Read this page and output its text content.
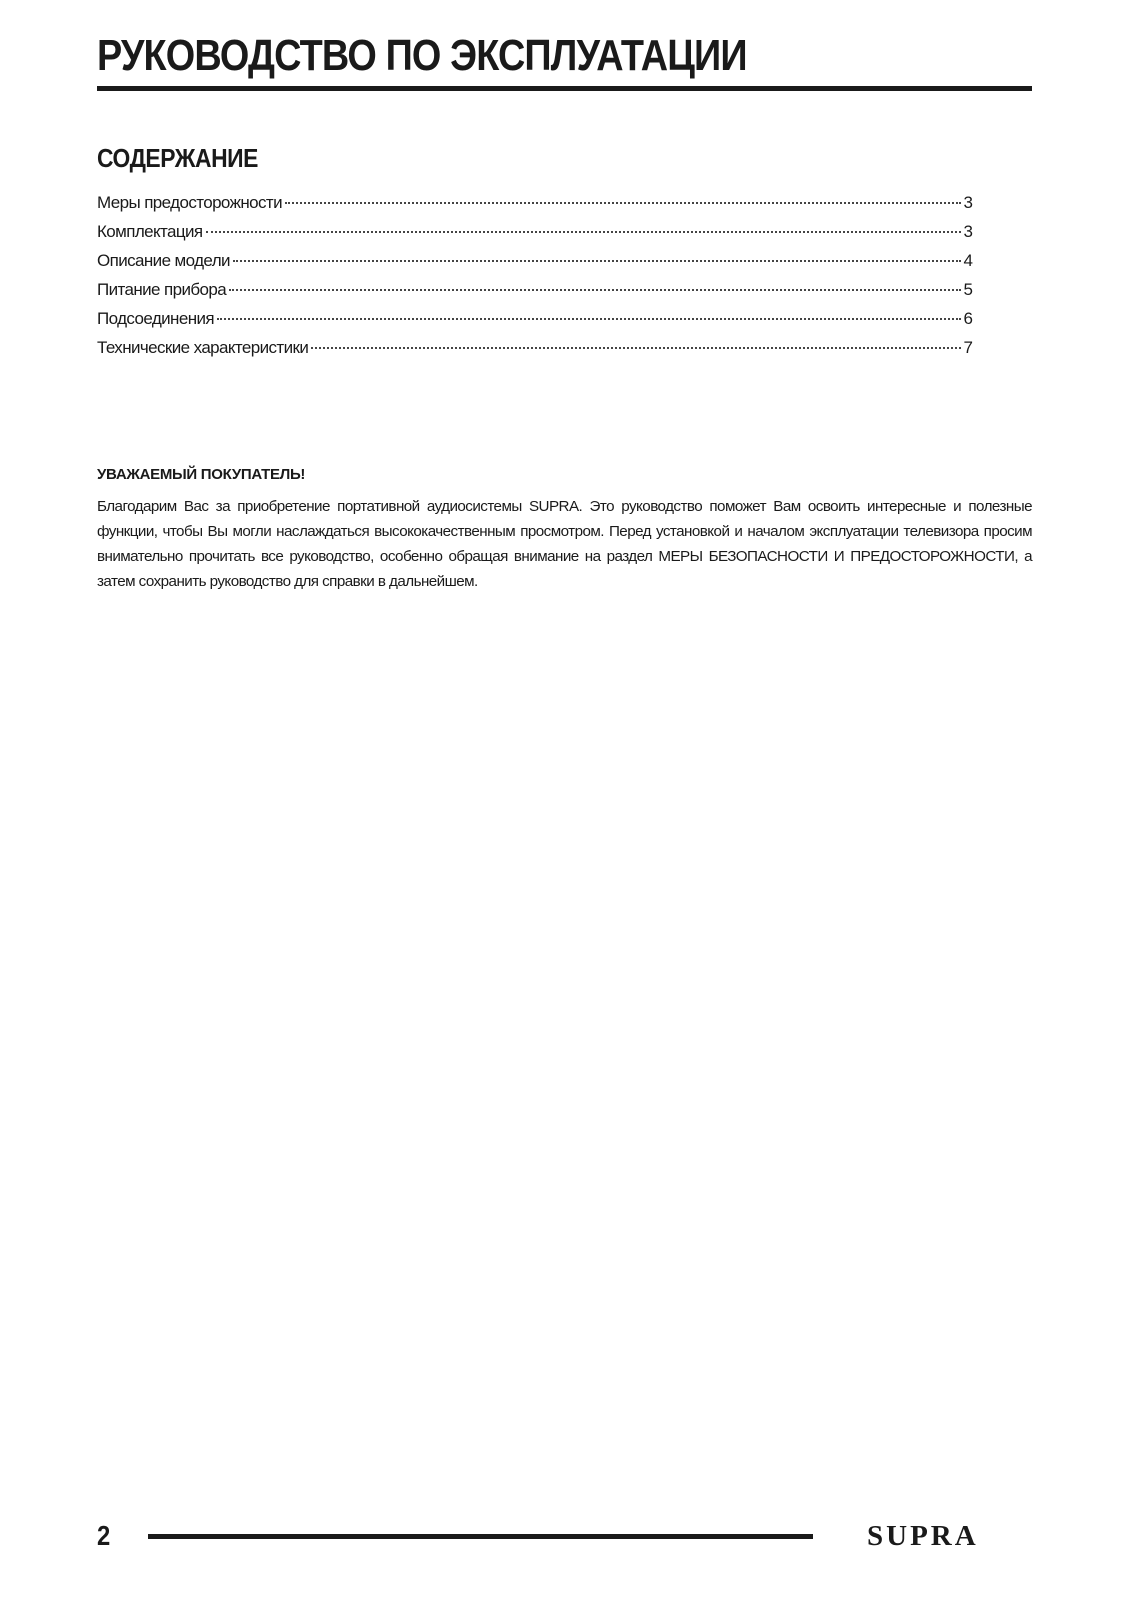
РУКОВОДСТВО ПО ЭКСПЛУАТАЦИИ
СОДЕРЖАНИЕ
Меры предосторожности	3
Комплектация	3
Описание модели	4
Питание прибора	5
Подсоединения	6
Технические характеристики	7
УВАЖАЕМЫЙ ПОКУПАТЕЛЬ!

Благодарим Вас за приобретение портативной аудиосистемы SUPRA. Это руководство поможет Вам освоить интересные и полезные функции, чтобы Вы могли наслаждаться высококачественным просмотром. Перед установкой и началом эксплуатации телевизора просим внимательно прочитать все руководство, особенно обращая внимание на раздел МЕРЫ БЕЗОПАСНОСТИ И ПРЕДОСТОРОЖНОСТИ, а затем сохранить руководство для справки в дальнейшем.

2	SUPRA
